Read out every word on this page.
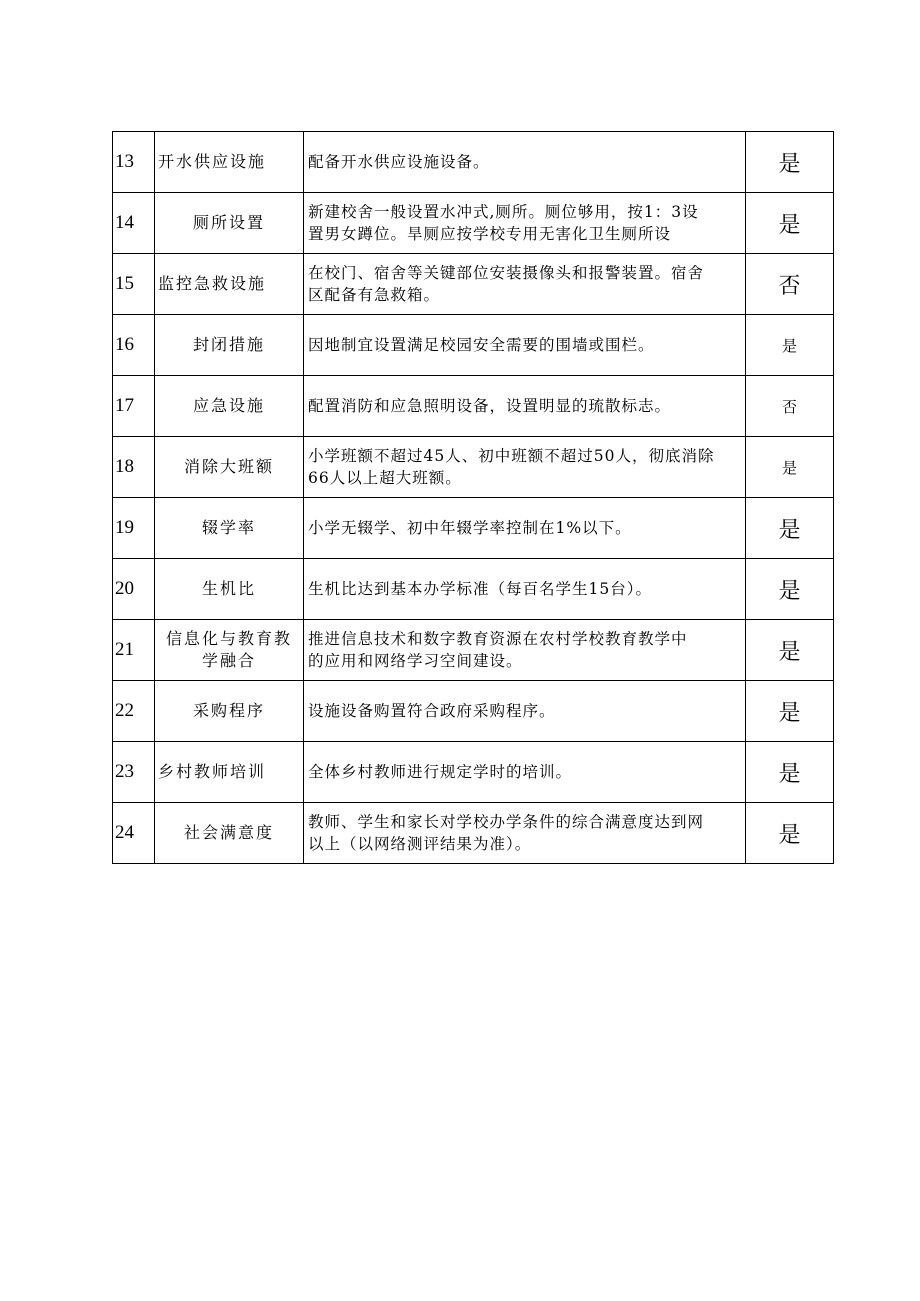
13	开水供应设施	配备开水供应设施设备。	是
14	厕所设置	新建校舍一般设置水冲式,厕所。厕位够用，按1：3设
置男女蹲位。旱厕应按学校专用无害化卫生厕所设	是
15	监控急救设施	在校门、宿舍等关键部位安装摄像头和报警装置。宿舍
区配备有急救箱。	否
16	封闭措施	因地制宜设置满足校园安全需要的围墙或围栏。	是
17	应急设施	配置消防和应急照明设备，设置明显的琉散标志。	否
18	消除大班额	小学班额不超过45人、初中班额不超过50人，彻底消除
66人以上超大班额。	是
19	辍学率	小学无辍学、初中年辍学率控制在1%以下。	是
20	生机比	生机比达到基本办学标准（每百名学生15台）。	是
21	信息化与教育教
学融合	推进信息技术和数字教育资源在农村学校教育教学中
的应用和网络学习空间建设。	是
22	采购程序	设施设备购置符合政府采购程序。	是
23	乡村教师培训	全体乡村教师进行规定学时的培训。	是
24	社会满意度	教师、学生和家长对学校办学条件的综合满意度达到网
以上（以网络测评结果为准）。	是
